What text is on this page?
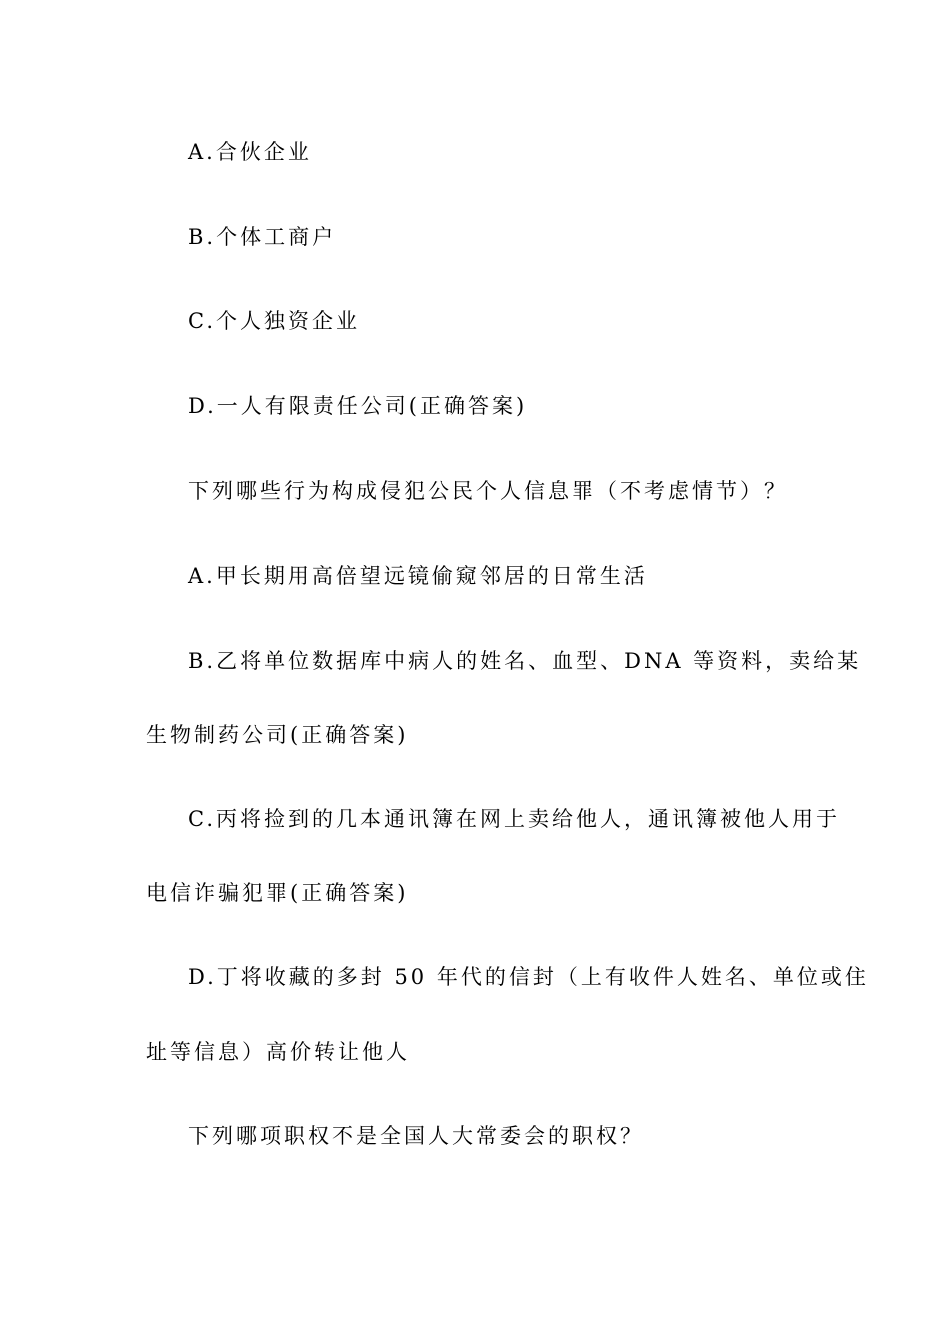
A.合伙企业
B.个体工商户
C.个人独资企业
D.一人有限责任公司(正确答案)
下列哪些行为构成侵犯公民个人信息罪（不考虑情节）？
A.甲长期用高倍望远镜偷窥邻居的日常生活
B.乙将单位数据库中病人的姓名、血型、DNA 等资料，卖给某
生物制药公司(正确答案)
C.丙将捡到的几本通讯簿在网上卖给他人，通讯簿被他人用于
电信诈骗犯罪(正确答案)
D.丁将收藏的多封 50 年代的信封（上有收件人姓名、单位或住
址等信息）高价转让他人
下列哪项职权不是全国人大常委会的职权？
